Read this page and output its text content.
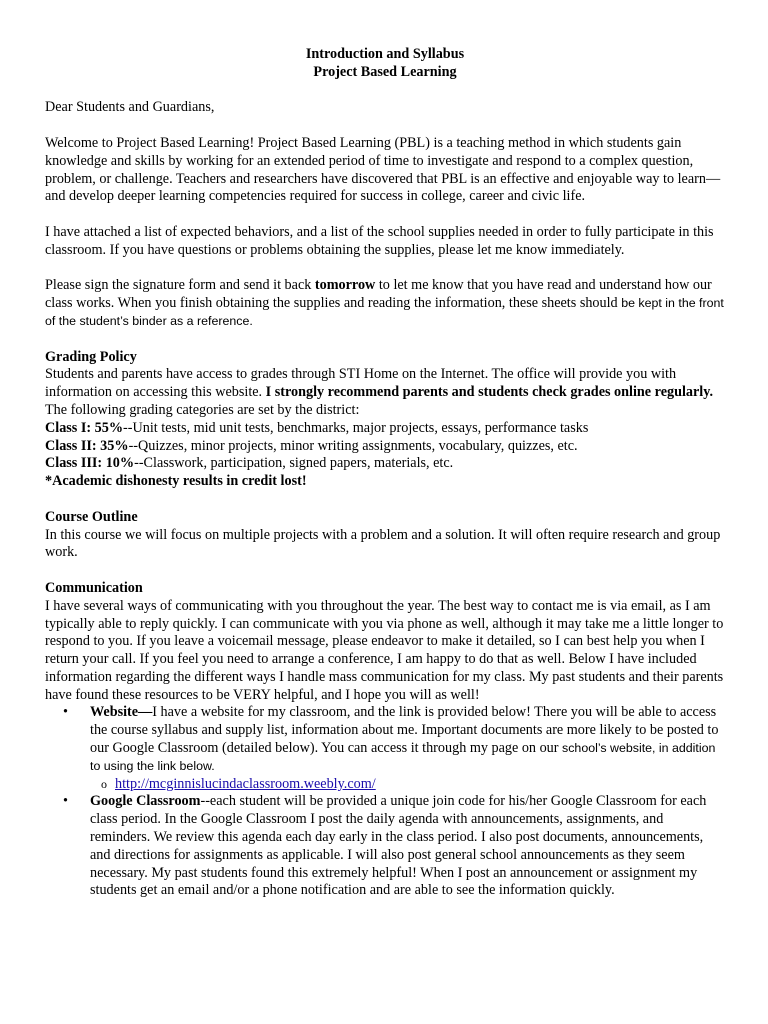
Introduction and Syllabus

Project Based Learning

Dear Students and Guardians,

Welcome to Project Based Learning! Project Based Learning (PBL) is a teaching method in which students gain knowledge and skills by working for an extended period of time to investigate and respond to a complex question, problem, or challenge. Teachers and researchers have discovered that PBL is an effective and enjoyable way to learn—and develop deeper learning competencies required for success in college, career and civic life.

I have attached a list of expected behaviors, and a list of the school supplies needed in order to fully participate in this classroom. If you have questions or problems obtaining the supplies, please let me know immediately.

Please sign the signature form and send it back tomorrow to let me know that you have read and understand how our class works. When you finish obtaining the supplies and reading the information, these sheets should be kept in the front of the student’s binder as a reference.

Grading Policy

Students and parents have access to grades through STI Home on the Internet. The office will provide you with information on accessing this website. I strongly recommend parents and students check grades online regularly.

The following grading categories are set by the district:

Class I: 55%--Unit tests, mid unit tests, benchmarks, major projects, essays, performance tasks

Class II: 35%--Quizzes, minor projects, minor writing assignments, vocabulary, quizzes, etc.

Class III: 10%--Classwork, participation, signed papers, materials, etc.

*Academic dishonesty results in credit lost!

Course Outline

In this course we will focus on multiple projects with a problem and a solution. It will often require research and group work.

Communication

I have several ways of communicating with you throughout the year. The best way to contact me is via email, as I am typically able to reply quickly. I can communicate with you via phone as well, although it may take me a little longer to respond to you. If you leave a voicemail message, please endeavor to make it detailed, so I can best help you when I return your call. If you feel you need to arrange a conference, I am happy to do that as well. Below I have included information regarding the different ways I handle mass communication for my class. My past students and their parents have found these resources to be VERY helpful, and I hope you will as well!

• Website—I have a website for my classroom, and the link is provided below! There you will be able to access the course syllabus and supply list, information about me. Important documents are more likely to be posted to our Google Classroom (detailed below). You can access it through my page on our school’s website, in addition to using the link below.
o http://mcginnislucindaclassroom.weebly.com/
• Google Classroom--each student will be provided a unique join code for his/her Google Classroom for each class period. In the Google Classroom I post the daily agenda with announcements, assignments, and reminders. We review this agenda each day early in the class period. I also post documents, announcements, and directions for assignments as applicable. I will also post general school announcements as they seem necessary. My past students found this extremely helpful! When I post an announcement or assignment my students get an email and/or a phone notification and are able to see the information quickly.
